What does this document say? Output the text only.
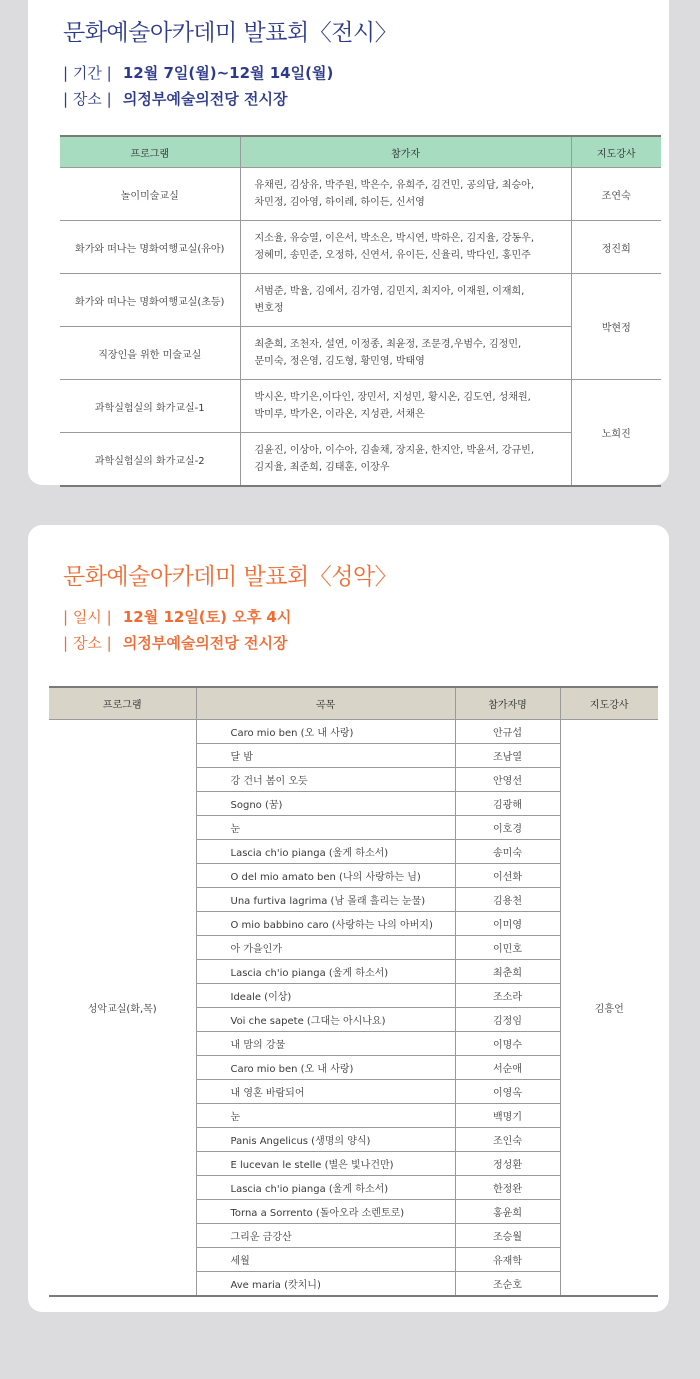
문화예술아카데미 발표회〈전시〉
| 기간 | 12월 7일(월)~12월 14일(월)
| 장소 | 의정부예술의전당 전시장
프로그램	참가자	지도강사
놀이미술교실	유채린, 김상유, 박주원, 박은수, 유희주, 김건민, 공의담, 최승아,
차민정, 김아영, 하이레, 하이든, 신서영	조연숙
화가와 떠나는 명화여행교실(유아)	지소율, 유승열, 이은서, 박소은, 박시연, 박하은, 김지율, 강동우,
정혜미, 송민준, 오정하, 신연서, 유이든, 신율리, 박다인, 홍민주	정진희
화가와 떠나는 명화여행교실(초등)	서범준, 박율, 김예서, 김가영, 김민지, 최지아, 이재원, 이재희,
변호정	박현정
직장인을 위한 미술교실	최춘희, 조천자, 설연, 이정종, 최윤정, 조문경,우범수, 김정민,
문미숙, 정은영, 김도형, 황민영, 박태영	
과학실험실의 화가교실-1	박시온, 박기은,이다인, 장민서, 지성민, 황시온, 김도연, 성채원,
박미루, 박가온, 이라온, 지성관, 서채은	노희진
과학실험실의 화가교실-2	김윤진, 이상아, 이수아, 김솔채, 장지윤, 한지안, 박윤서, 강규빈,
김지율, 최준희, 김태훈, 이장우	
문화예술아카데미 발표회〈성악〉
| 일시 | 12월 12일(토) 오후 4시
| 장소 | 의정부예술의전당 전시장
프로그램	곡목	참가자명	지도강사
성악교실(화,목)	Caro mio ben (오 내 사랑)	안규섭	김흥언
	달 밤	조남열	
	강 건너 봄이 오듯	안영선	
	Sogno (꿈)	김광해	
	눈	이호경	
	Lascia ch'io pianga (울게 하소서)	송미숙	
	O del mio amato ben (나의 사랑하는 님)	이선화	
	Una furtiva lagrima (남 몰래 흘리는 눈물)	김용천	
	O mio babbino caro (사랑하는 나의 아버지)	이미영	
	아 가을인가	이민호	
	Lascia ch'io pianga (울게 하소서)	최춘희	
	Ideale (이상)	조소라	
	Voi che sapete (그대는 아시나요)	김정임	
	내 맘의 강물	이명수	
	Caro mio ben (오 내 사랑)	서순애	
	내 영혼 바람되어	이영옥	
	눈	백명기	
	Panis Angelicus (생명의 양식)	조인숙	
	E lucevan le stelle (별은 빛나건만)	정성환	
	Lascia ch'io pianga (울게 하소서)	한정완	
	Torna a Sorrento (돌아오라 소렌토로)	홍윤희	
	그리운 금강산	조승월	
	세월	유재학	
	Ave maria (캇치니)	조순호	
